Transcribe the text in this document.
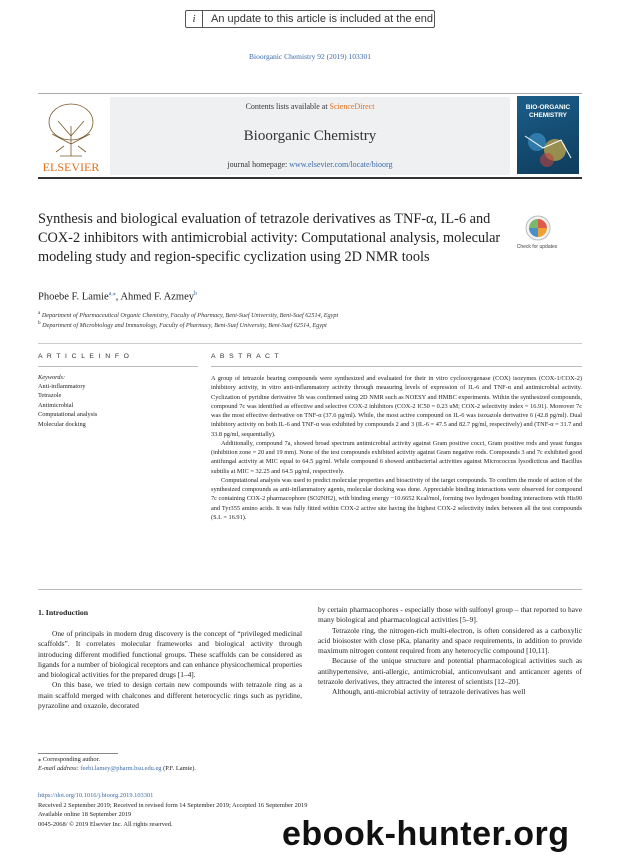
i	An update to this article is included at the end
Bioorganic Chemistry 92 (2019) 103301
ELSEVIER
Contents lists available at ScienceDirect
Bioorganic Chemistry
journal homepage: www.elsevier.com/locate/bioorg
BIO-ORGANIC CHEMISTRY
Synthesis and biological evaluation of tetrazole derivatives as TNF-α, IL-6 and COX-2 inhibitors with antimicrobial activity: Computational analysis, molecular modeling study and region-specific cyclization using 2D NMR tools
Check for updates
Phoebe F. Lamie$^{a,⁎}$, Ahmed F. Azmey$^b$
$^a$ Department of Pharmaceutical Organic Chemistry, Faculty of Pharmacy, Beni-Suef University, Beni-Suef 62514, Egypt
$^b$ Department of Microbiology and Immunology, Faculty of Pharmacy, Beni-Suef University, Beni-Suef 62514, Egypt
A R T I C L E I N F O
Keywords:
Anti-inflammatory
Tetrazole
Antimicrobial
Computational analysis
Molecular docking
A B S T R A C T

A group of tetrazole bearing compounds were synthesized and evaluated for their in vitro cyclooxygenase (COX) isozymes (COX-1/COX-2) inhibitory activity, in vitro anti-inflammatory activity through measuring levels of expression of IL-6 and TNF-α and antimicrobial activity. Cyclization of pyridine derivative 5b was confirmed using 2D NMR such as NOESY and HMBC experiments. Within the synthesized compounds, compound 7c was identified as effective and selective COX-2 inhibitors (COX-2 IC50 = 0.23 uM; COX-2 selectivity index = 16.91). Moreover 7c was the most effective derivative on TNF-α (37.6 pg/ml). While, the most active compound on IL-6 was isoxazole derivative 6 (42.8 pg/ml). Dual inhibitory activity on both IL-6 and TNF-α was exhibited by compounds 2 and 3 (IL-6 = 47.5 and 82.7 pg/ml, respectively) and (TNF-α = 31.7 and 33.8 pg/ml, sequentially).

Additionally, compound 7a, showed broad spectrum antimicrobial activity against Gram positive cocci, Gram positive rods and yeast fungus (inhibition zone = 20 and 19 mm). None of the test compounds exhibited activity against Gram negative rods. Compounds 3 and 7c exhibited good antifungal activity at MIC equal to 64.5 µg/ml. While compound 6 showed antibacterial activities against Micrococcus lysodicticus and Bacillus subtilis at MIC = 32.25 and 64.5 µg/ml, respectively.

Computational analysis was used to predict molecular properties and bioactivity of the target compounds. To confirm the mode of action of the synthesized compounds as anti-inflammatory agents, molecular docking was done. Appreciable binding interactions were observed for compound 7c containing COX-2 pharmacophore (SO2NH2), with binding energy −10.6652 Kcal/mol, forming two hydrogen bonding interactions with His90 and Tyr355 amino acids. It was fully fitted within COX-2 active site having the highest COX-2 selectivity index between all the test compounds (S.I. = 16.91).

1. Introduction

One of principals in modern drug discovery is the concept of “privileged medicinal scaffolds”. It correlates molecular frameworks and biological activity through introducing different modified functional groups. These scaffolds can be considered as ligands for a number of biological receptors and can enhance physicochemical properties and biological activities for the prepared drugs [1–4].

On this base, we tried to design certain new compounds with tetrazole ring as a main scaffold merged with chalcones and different heterocyclic rings such as pyridine, pyrazoline and oxazole, decorated

by certain pharmacophores - especially those with sulfonyl group – that reported to have many biological and pharmacological activities [5–9].

Tetrazole ring, the nitrogen-rich multi-electron, is often considered as a carboxylic acid bioisoster with close pKa, planarity and space requirements, in addition to provide maximum nitrogen content required from any heterocyclic compound [10,11].

Because of the unique structure and potential pharmacological activities such as antihypertensive, anti-allergic, antimicrobial, anticonvulsant and anticancer agents of tetrazole derivatives, they attracted the interest of scientists [12–20].

Although, anti-microbial activity of tetrazole derivatives has well

⁎ Corresponding author.
E-mail address: feebi.lamey@pharm.bsu.edu.eg (P.F. Lamie).
https://doi.org/10.1016/j.bioorg.2019.103301
Received 2 September 2019; Received in revised form 14 September 2019; Accepted 16 September 2019
Available online 18 September 2019
0045-2068/ © 2019 Elsevier Inc. All rights reserved.	ebook-hunter.org
